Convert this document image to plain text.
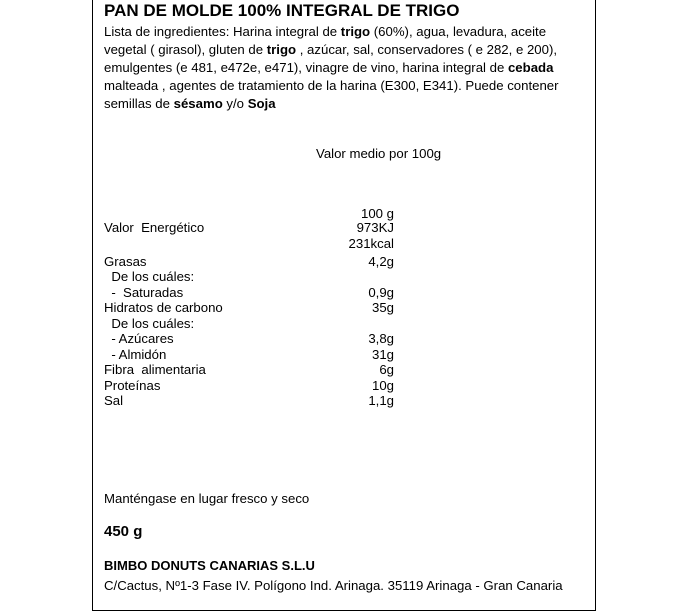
PAN DE MOLDE 100% INTEGRAL DE TRIGO
Lista de ingredientes: Harina integral de trigo (60%), agua, levadura, aceite vegetal ( girasol), gluten de trigo , azúcar, sal, conservadores ( e 282, e 200), emulgentes (e 481, e472e, e471), vinagre de vino, harina integral de cebada malteada , agentes de tratamiento de la harina (E300, E341). Puede contener semillas de sésamo y/o Soja
Valor medio por 100g
100 g
Valor  Energético	973KJ
231kcal
Grasas	4,2g
De los cuáles:
-  Saturadas	0,9g
Hidratos de carbono	35g
De los cuáles:
- Azúcares	3,8g
- Almidón	31g
Fibra  alimentaria	6g
Proteínas	10g
Sal	1,1g
Manténgase en lugar fresco y seco
450 g
BIMBO DONUTS CANARIAS S.L.U
C/Cactus, Nº1-3 Fase IV. Polígono Ind. Arinaga. 35119 Arinaga - Gran Canaria
